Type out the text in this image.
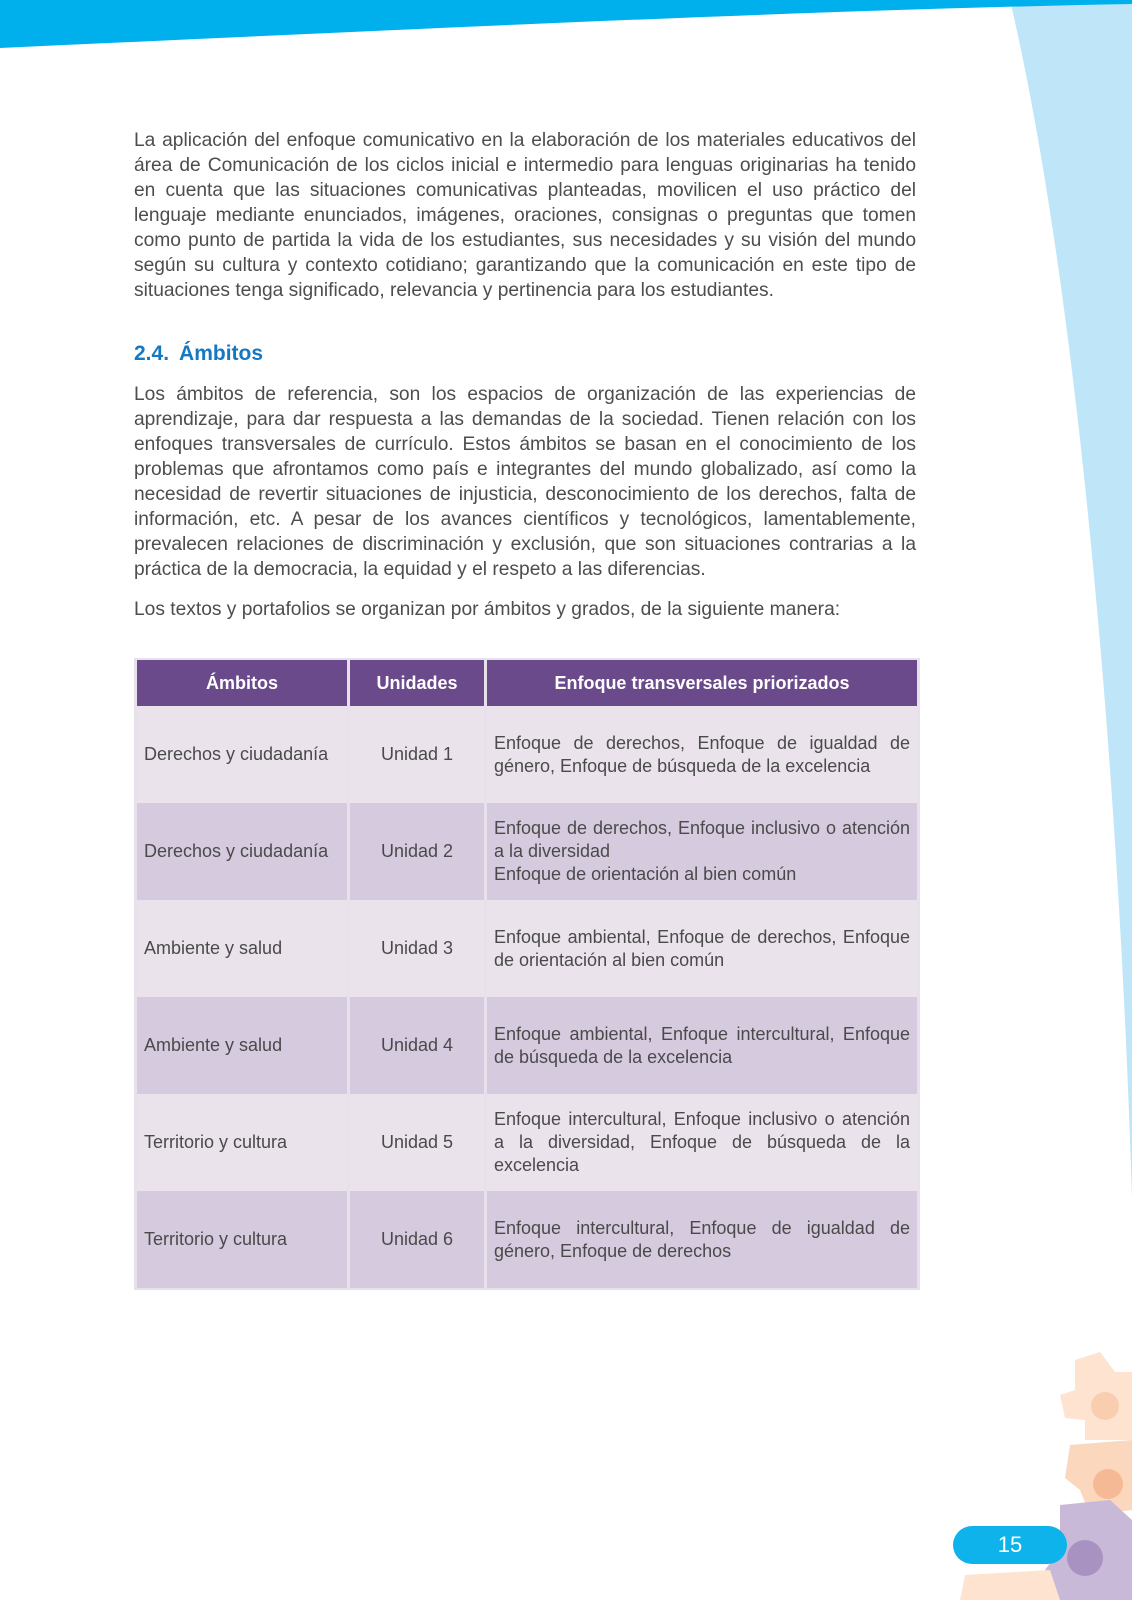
La aplicación del enfoque comunicativo en la elaboración de los materiales educativos del área de Comunicación de los ciclos inicial e intermedio para lenguas originarias ha tenido en cuenta que las situaciones comunicativas planteadas, movilicen el uso práctico del lenguaje mediante enunciados, imágenes, oraciones, consignas o preguntas que tomen como punto de partida la vida de los estudiantes, sus necesidades y su visión del mundo según su cultura y contexto cotidiano; garantizando que la comunicación en este tipo de situaciones tenga significado, relevancia y pertinencia para los estudiantes.

2.4. Ámbitos

Los ámbitos de referencia, son los espacios de organización de las experiencias de aprendizaje, para dar respuesta a las demandas de la sociedad. Tienen relación con los enfoques transversales de currículo. Estos ámbitos se basan en el conocimiento de los problemas que afrontamos como país e integrantes del mundo globalizado, así como la necesidad de revertir situaciones de injusticia, desconocimiento de los derechos, falta de información, etc. A pesar de los avances científicos y tecnológicos, lamentablemente, prevalecen relaciones de discriminación y exclusión, que son situaciones contrarias a la práctica de la democracia, la equidad y el respeto a las diferencias.

Los textos y portafolios se organizan por ámbitos y grados, de la siguiente manera:

Ámbitos	Unidades	Enfoque transversales priorizados
Derechos y ciudadanía	Unidad 1	Enfoque de derechos, Enfoque de igualdad de género, Enfoque de búsqueda de la excelencia

Derechos y ciudadanía	Unidad 2	Enfoque de derechos, Enfoque inclusivo o atención a la diversidad
Enfoque de orientación al bien común

Ambiente y salud	Unidad 3	Enfoque ambiental, Enfoque de derechos, Enfoque de orientación al bien común

Ambiente y salud	Unidad 4	Enfoque ambiental, Enfoque intercultural, Enfoque de búsqueda de la excelencia

Territorio y cultura	Unidad 5	Enfoque intercultural, Enfoque inclusivo o atención a la diversidad, Enfoque de búsqueda de la excelencia

Territorio y cultura	Unidad 6	Enfoque intercultural, Enfoque de igualdad de género, Enfoque de derechos
15
